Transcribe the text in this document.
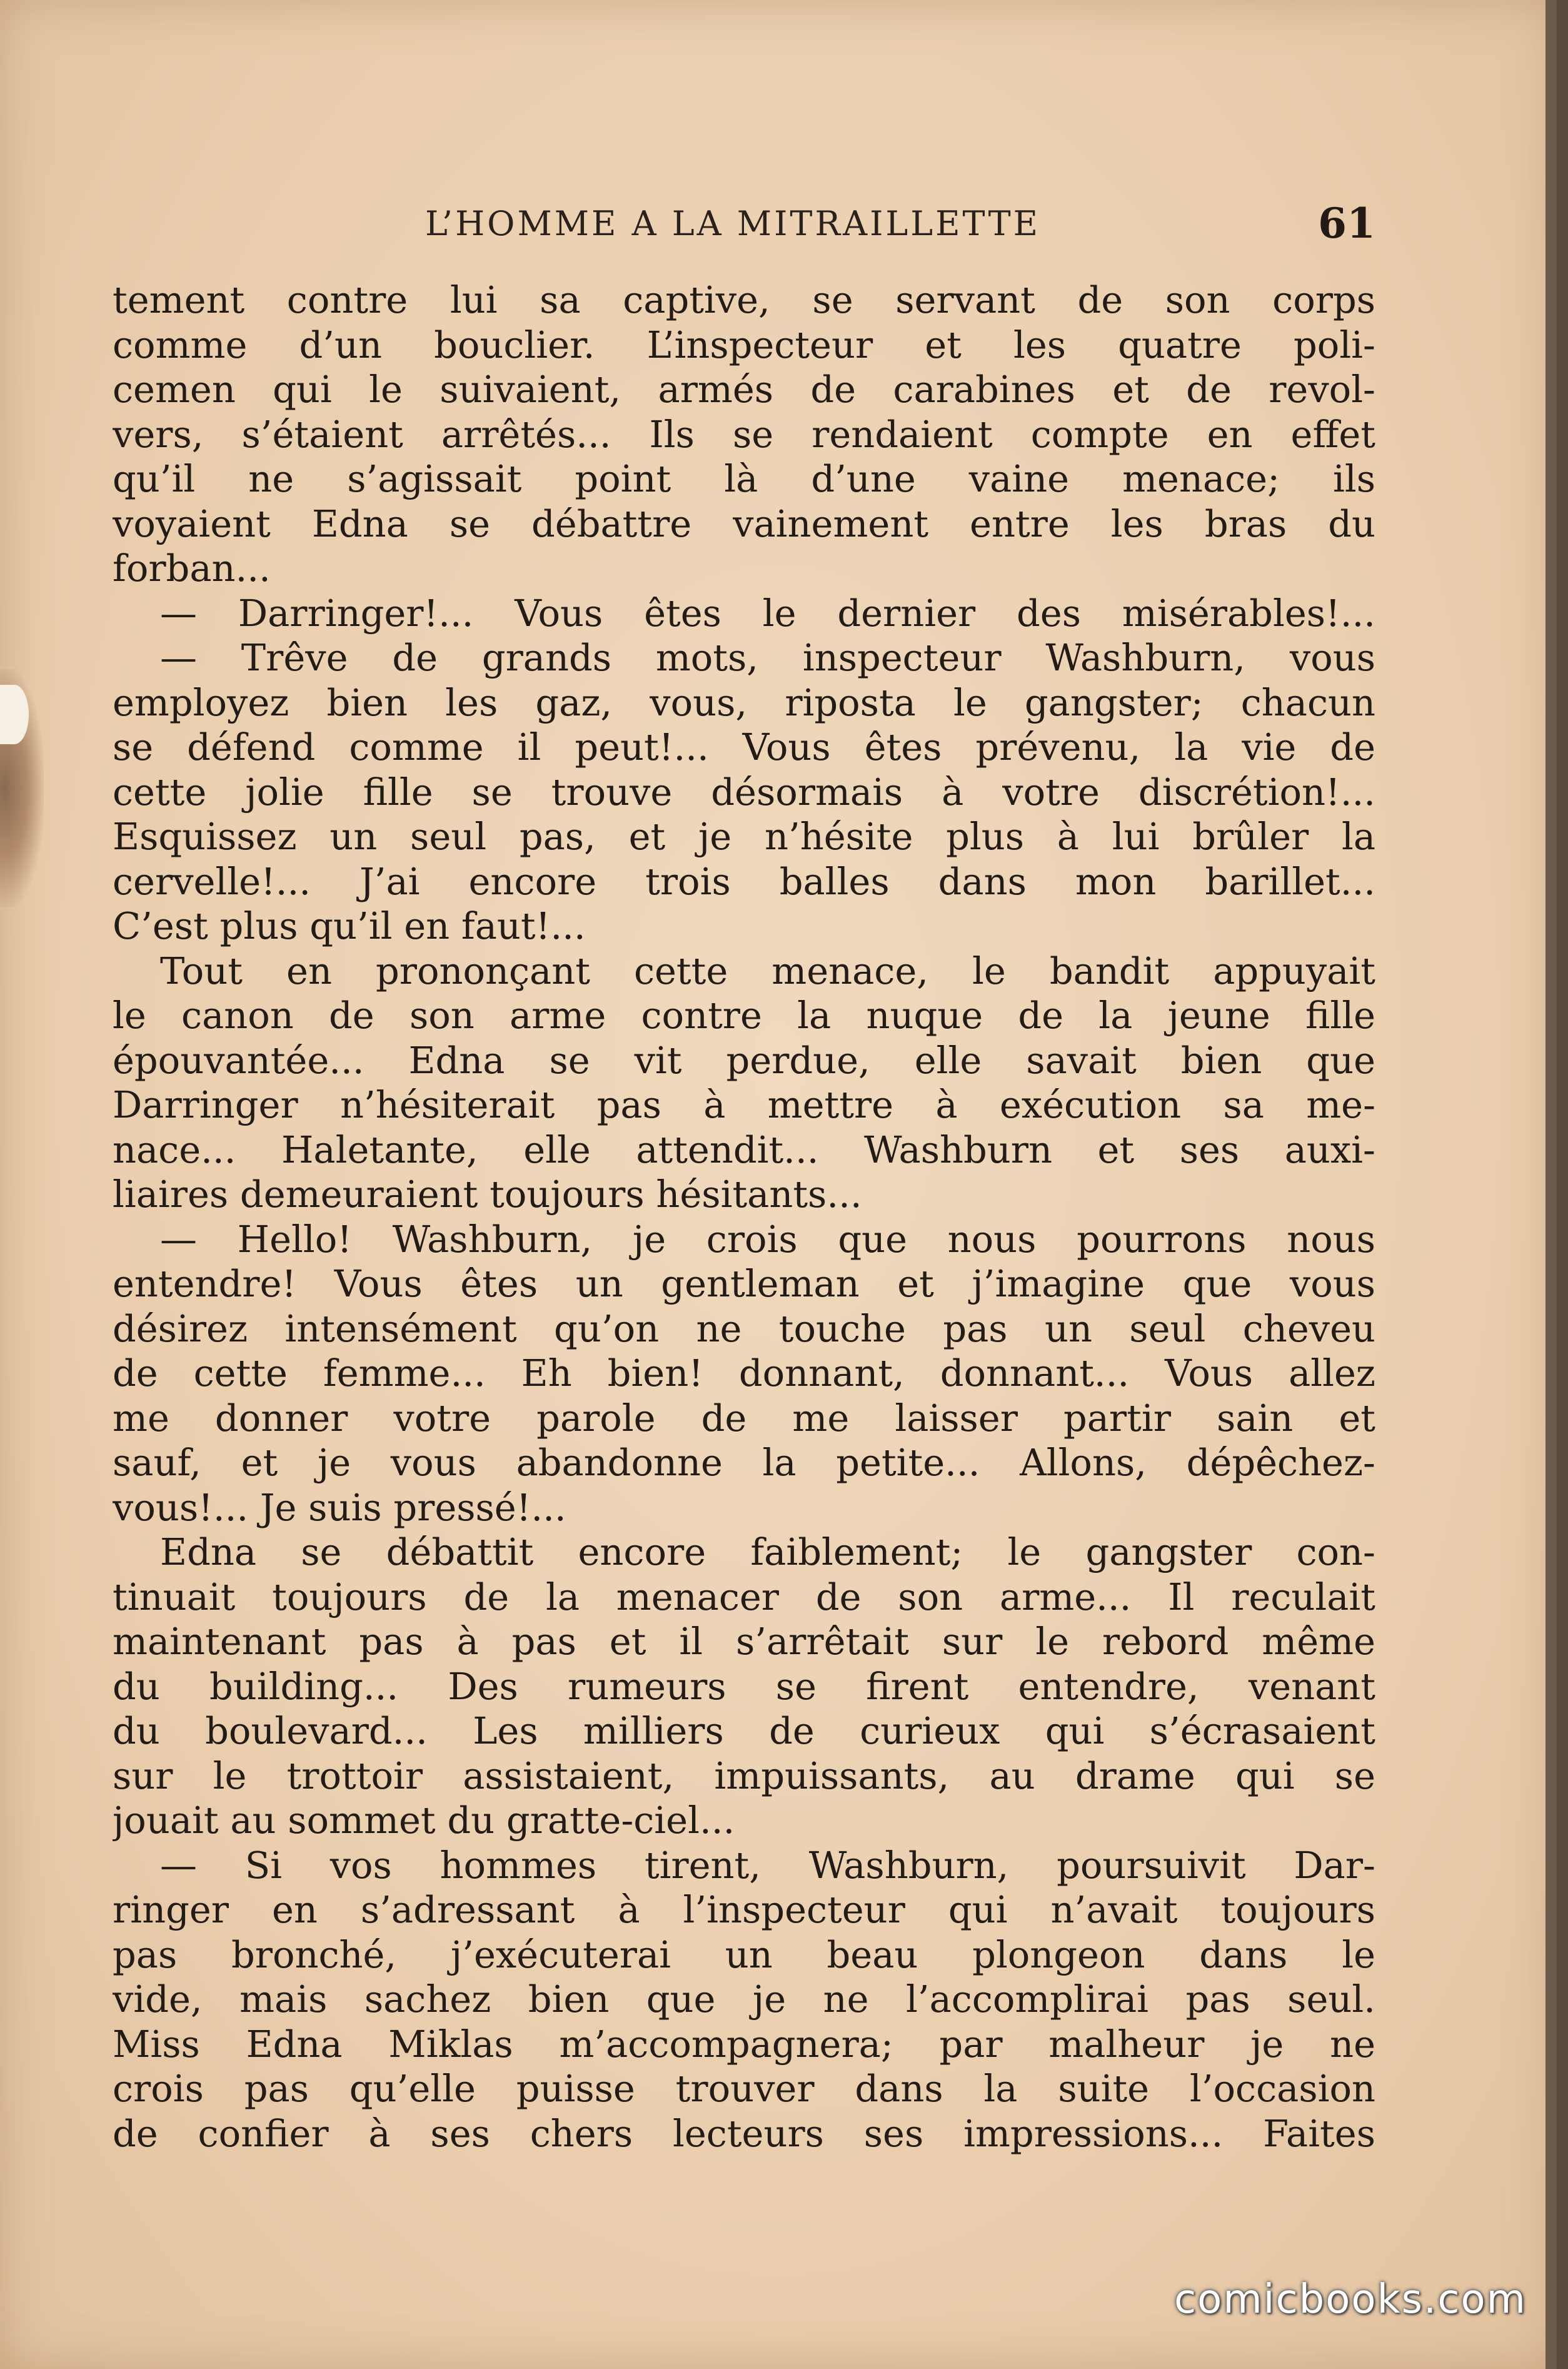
L’HOMME A LA MITRAILLETTE	61
tement contre lui sa captive, se servant de son corps
comme d’un bouclier. L’inspecteur et les quatre poli-
cemen qui le suivaient, armés de carabines et de revol-
vers, s’étaient arrêtés... Ils se rendaient compte en effet
qu’il ne s’agissait point là d’une vaine menace; ils
voyaient Edna se débattre vainement entre les bras du
forban...
— Darringer!... Vous êtes le dernier des misérables!...
— Trêve de grands mots, inspecteur Washburn, vous
employez bien les gaz, vous, riposta le gangster; chacun
se défend comme il peut!... Vous êtes prévenu, la vie de
cette jolie fille se trouve désormais à votre discrétion!...
Esquissez un seul pas, et je n’hésite plus à lui brûler la
cervelle!... J’ai encore trois balles dans mon barillet...
C’est plus qu’il en faut!...
Tout en prononçant cette menace, le bandit appuyait
le canon de son arme contre la nuque de la jeune fille
épouvantée... Edna se vit perdue, elle savait bien que
Darringer n’hésiterait pas à mettre à exécution sa me-
nace... Haletante, elle attendit... Washburn et ses auxi-
liaires demeuraient toujours hésitants...
— Hello! Washburn, je crois que nous pourrons nous
entendre! Vous êtes un gentleman et j’imagine que vous
désirez intensément qu’on ne touche pas un seul cheveu
de cette femme... Eh bien! donnant, donnant... Vous allez
me donner votre parole de me laisser partir sain et
sauf, et je vous abandonne la petite... Allons, dépêchez-
vous!... Je suis pressé!...
Edna se débattit encore faiblement; le gangster con-
tinuait toujours de la menacer de son arme... Il reculait
maintenant pas à pas et il s’arrêtait sur le rebord même
du building... Des rumeurs se firent entendre, venant
du boulevard... Les milliers de curieux qui s’écrasaient
sur le trottoir assistaient, impuissants, au drame qui se
jouait au sommet du gratte-ciel...
— Si vos hommes tirent, Washburn, poursuivit Dar-
ringer en s’adressant à l’inspecteur qui n’avait toujours
pas bronché, j’exécuterai un beau plongeon dans le
vide, mais sachez bien que je ne l’accomplirai pas seul.
Miss Edna Miklas m’accompagnera; par malheur je ne
crois pas qu’elle puisse trouver dans la suite l’occasion
de confier à ses chers lecteurs ses impressions... Faites
comicbooks.com
